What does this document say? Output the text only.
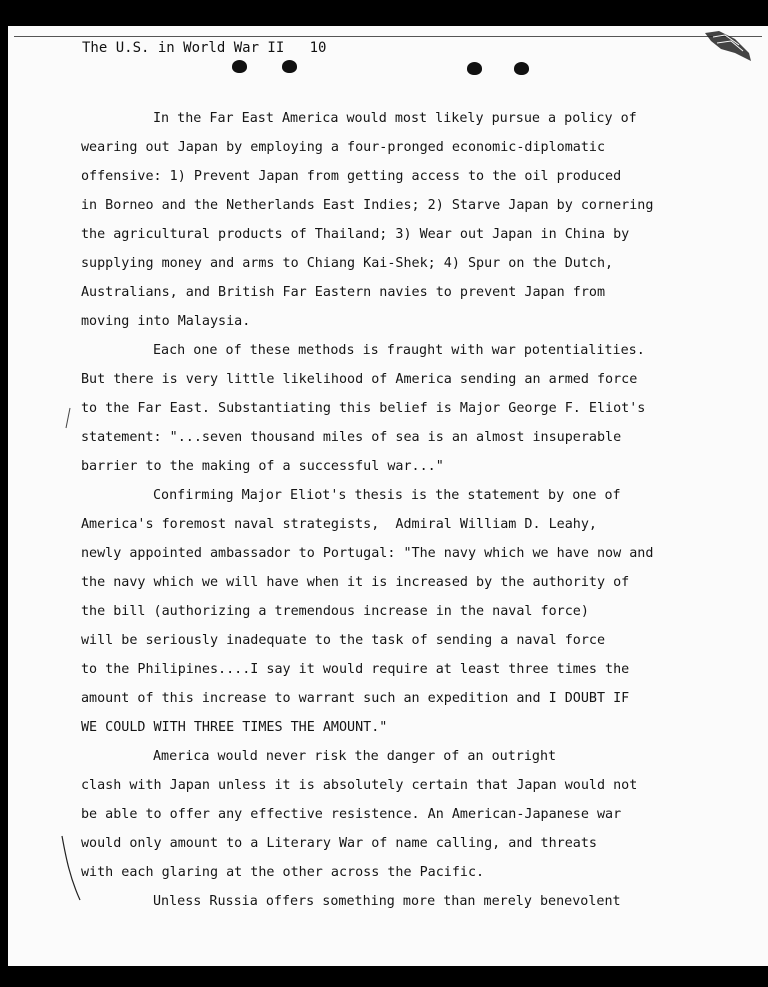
The U.S. in World War II   10

In the Far East America would most likely pursue a policy of
wearing out Japan by employing a four-pronged economic-diplomatic
offensive: 1) Prevent Japan from getting access to the oil produced
in Borneo and the Netherlands East Indies; 2) Starve Japan by cornering
the agricultural products of Thailand; 3) Wear out Japan in China by
supplying money and arms to Chiang Kai-Shek; 4) Spur on the Dutch,
Australians, and British Far Eastern navies to prevent Japan from
moving into Malaysia.

Each one of these methods is fraught with war potentialities.
But there is very little likelihood of America sending an armed force
to the Far East. Substantiating this belief is Major George F. Eliot's
statement: "...seven thousand miles of sea is an almost insuperable
barrier to the making of a successful war..."

Confirming Major Eliot's thesis is the statement by one of
America's foremost naval strategists,  Admiral William D. Leahy,
newly appointed ambassador to Portugal: "The navy which we have now and
the navy which we will have when it is increased by the authority of
the bill (authorizing a tremendous increase in the naval force)
will be seriously inadequate to the task of sending a naval force
to the Philipines....I say it would require at least three times the
amount of this increase to warrant such an expedition and I DOUBT IF
WE COULD WITH THREE TIMES THE AMOUNT."

America would never risk the danger of an outright
clash with Japan unless it is absolutely certain that Japan would not
be able to offer any effective resistence. An American-Japanese war
would only amount to a Literary War of name calling, and threats
with each glaring at the other across the Pacific.

Unless Russia offers something more than merely benevolent
